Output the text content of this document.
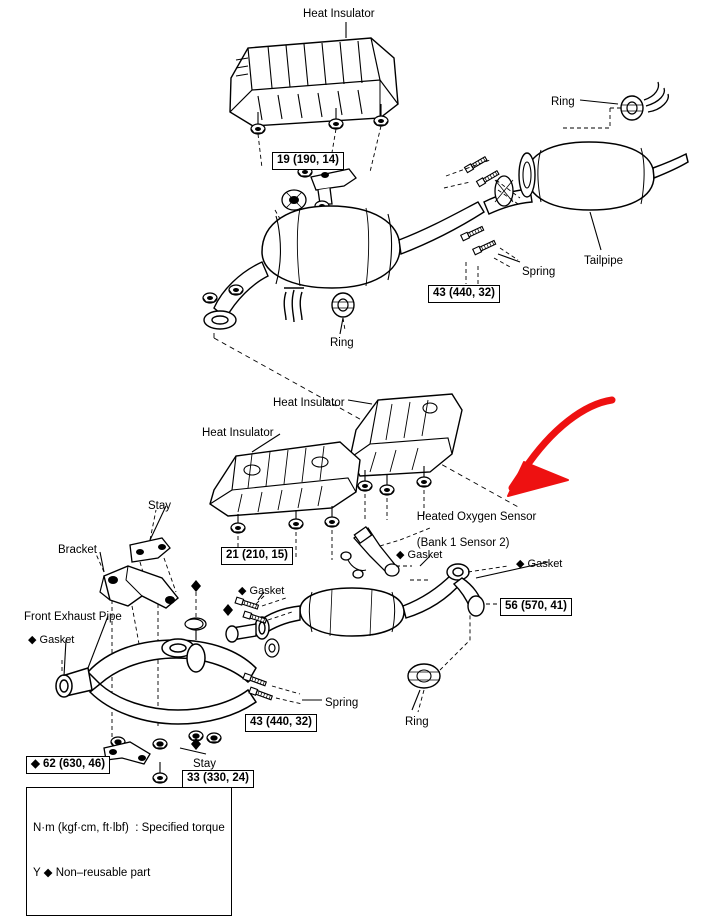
Heat Insulator
Ring
Tailpipe
Spring
Ring
Heat Insulator
Heat Insulator
Stay
Bracket
Front Exhaust Pipe
Spring
Ring
Stay

Heated Oxygen Sensor

(Bank 1 Sensor 2)

◆ Gasket
◆ Gasket
◆ Gasket
◆ Gasket
19 (190, 14)
43 (440, 32)
21 (210, 15)
56 (570, 41)
43 (440, 32)
◆ 62 (630, 46)
33 (330, 24)

N·m (kgf·cm, ft·lbf)  : Specified torque

Y ◆ Non–reusable part
